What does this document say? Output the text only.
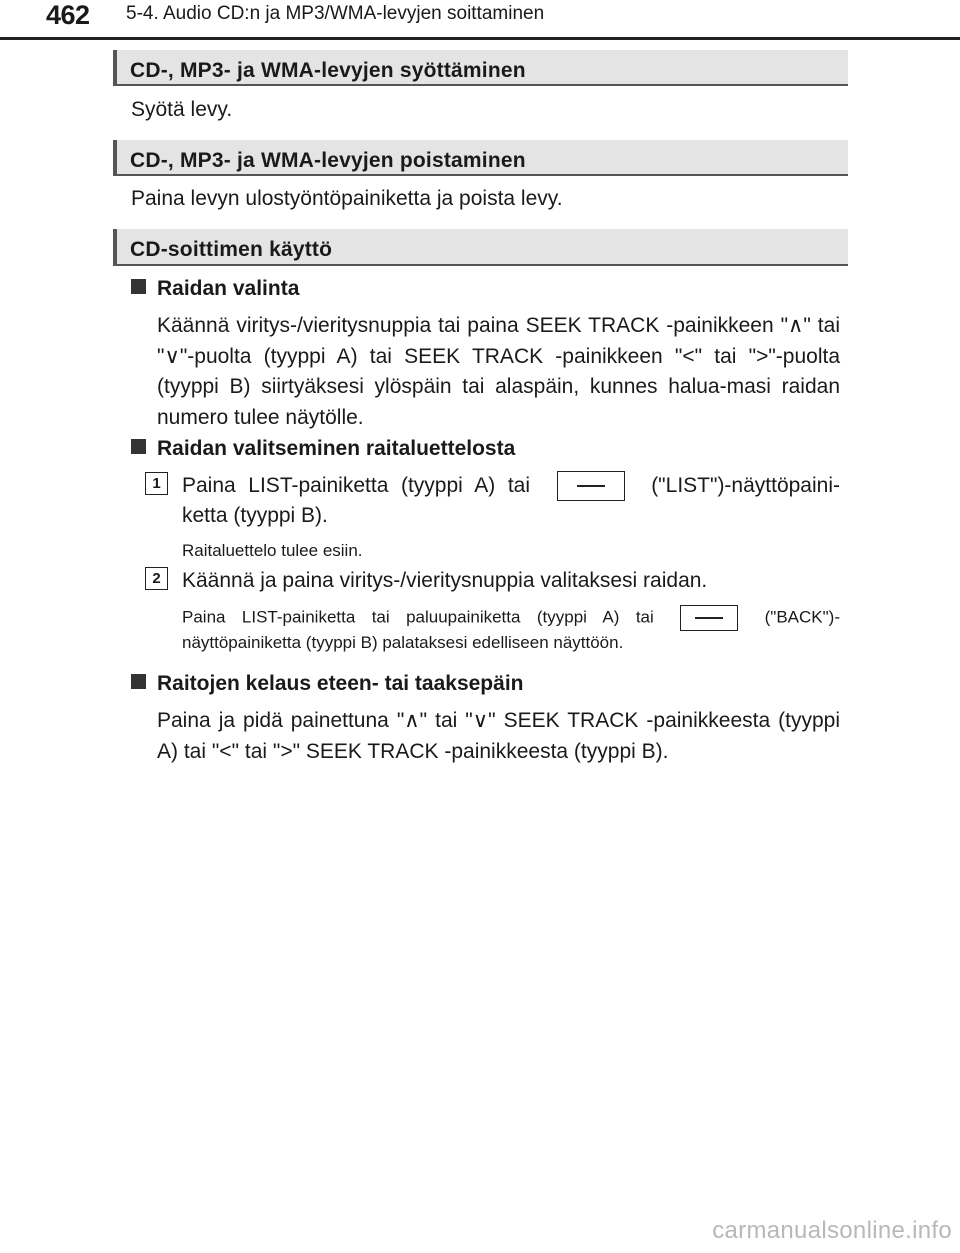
462 5-4. Audio CD:n ja MP3/WMA-levyjen soittaminen
CD-, MP3- ja WMA-levyjen syöttäminen
Syötä levy.
CD-, MP3- ja WMA-levyjen poistaminen
Paina levyn ulostyöntöpainiketta ja poista levy.
CD-soittimen käyttö
Raidan valinta
Käännä viritys-/vieritysnuppia tai paina SEEK TRACK -painikkeen "∧" tai "∨"-puolta (tyyppi A) tai SEEK TRACK -painikkeen "<" tai ">"-puolta (tyyppi B) siirtyäksesi ylöspäin tai alaspäin, kunnes halua-masi raidan numero tulee näytölle.
Raidan valitseminen raitaluettelosta
1	Paina LIST-painiketta (tyyppi A) tai	("LIST")-näyttöpaini-ketta (tyyppi B).
Raitaluettelo tulee esiin.
2	Käännä ja paina viritys-/vieritysnuppia valitaksesi raidan.
Paina LIST-painiketta tai paluupainiketta (tyyppi A) tai	("BACK")-näyttöpainiketta (tyyppi B) palataksesi edelliseen näyttöön.
Raitojen kelaus eteen- tai taaksepäin
Paina ja pidä painettuna "∧" tai "∨" SEEK TRACK -painikkeesta (tyyppi A) tai "<" tai ">" SEEK TRACK -painikkeesta (tyyppi B).
carmanualsonline.info
